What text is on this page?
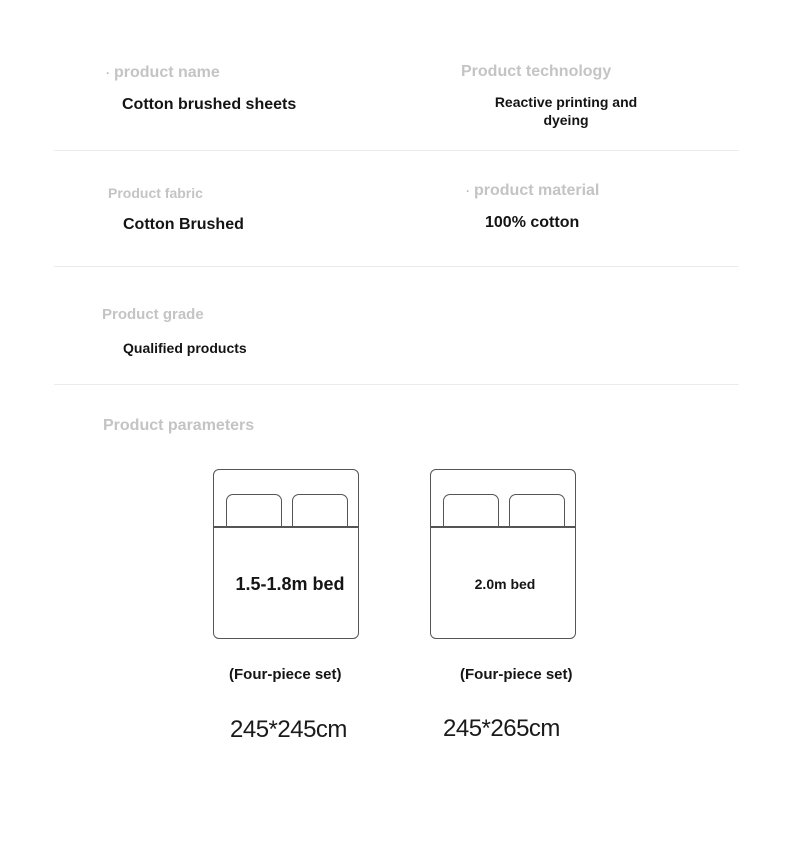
· product name
Cotton brushed sheets
Product technology
Reactive printing and
dyeing
Product fabric
Cotton Brushed
· product material
100% cotton
Product grade
Qualified products
Product parameters
1.5-1.8m bed
(Four-piece set)
245*245cm
2.0m bed
(Four-piece set)
245*265cm
